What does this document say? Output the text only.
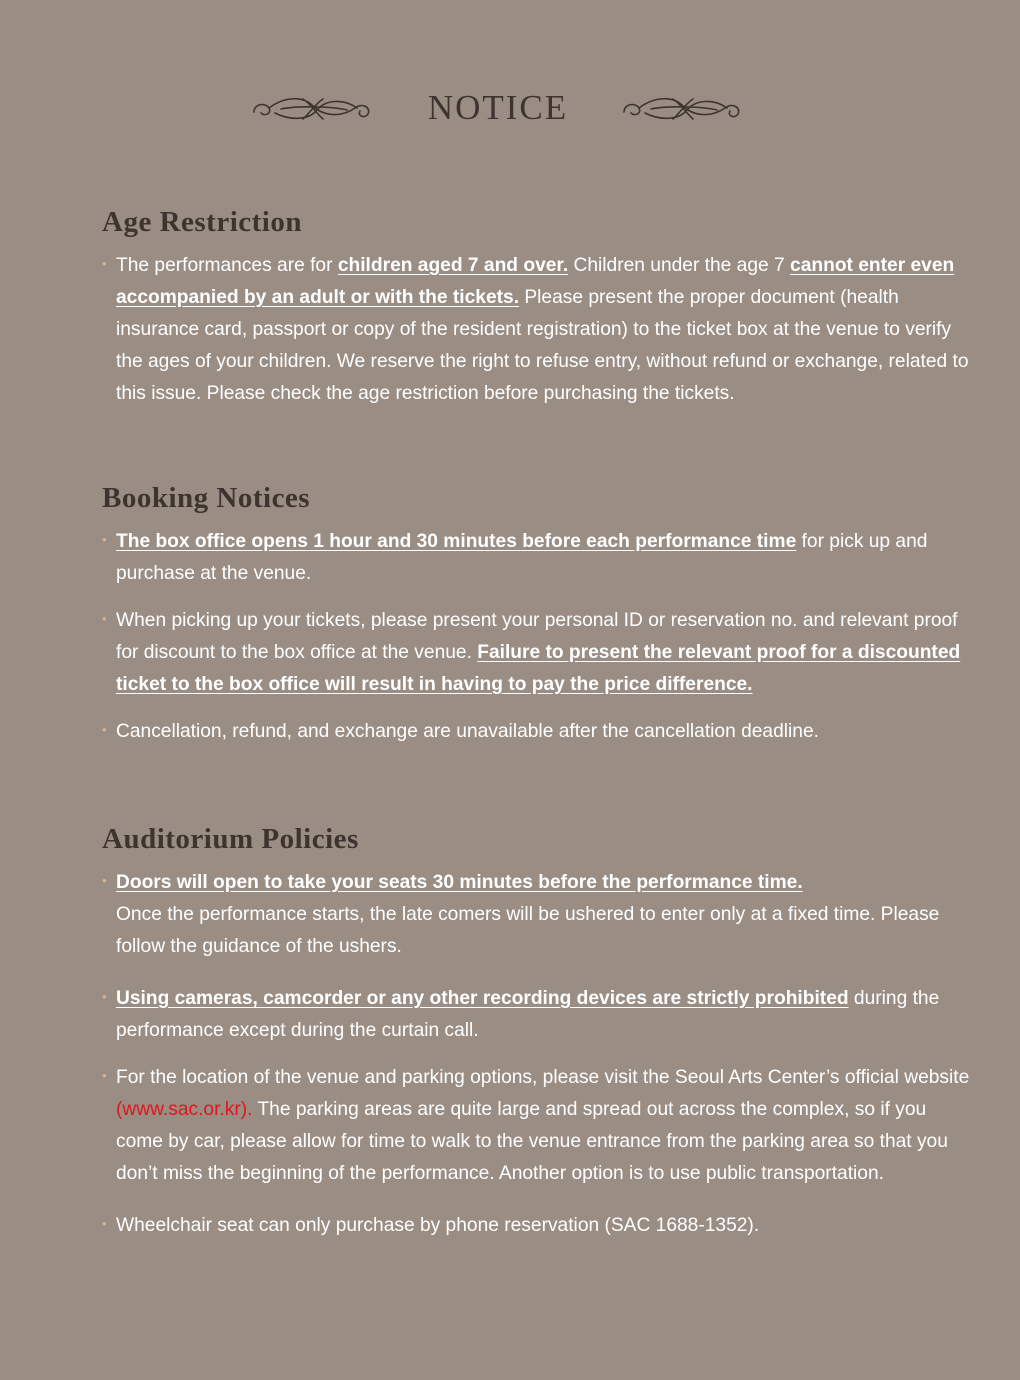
NOTICE
Age Restriction
• The performances are for children aged 7 and over. Children under the age 7 cannot enter even accompanied by an adult or with the tickets. Please present the proper document (health insurance card, passport or copy of the resident registration) to the ticket box at the venue to verify the ages of your children. We reserve the right to refuse entry, without refund or exchange, related to this issue. Please check the age restriction before purchasing the tickets.
Booking Notices
• The box office opens 1 hour and 30 minutes before each performance time for pick up and purchase at the venue.
• When picking up your tickets, please present your personal ID or reservation no. and relevant proof for discount to the box office at the venue. Failure to present the relevant proof for a discounted ticket to the box office will result in having to pay the price difference.
• Cancellation, refund, and exchange are unavailable after the cancellation deadline.
Auditorium Policies
• Doors will open to take your seats 30 minutes before the performance time.
Once the performance starts, the late comers will be ushered to enter only at a fixed time. Please follow the guidance of the ushers.
• Using cameras, camcorder or any other recording devices are strictly prohibited during the performance except during the curtain call.
• For the location of the venue and parking options, please visit the Seoul Arts Center’s official website (www.sac.or.kr). The parking areas are quite large and spread out across the complex, so if you come by car, please allow for time to walk to the venue entrance from the parking area so that you don’t miss the beginning of the performance. Another option is to use public transportation.
• Wheelchair seat can only purchase by phone reservation (SAC 1688-1352).
